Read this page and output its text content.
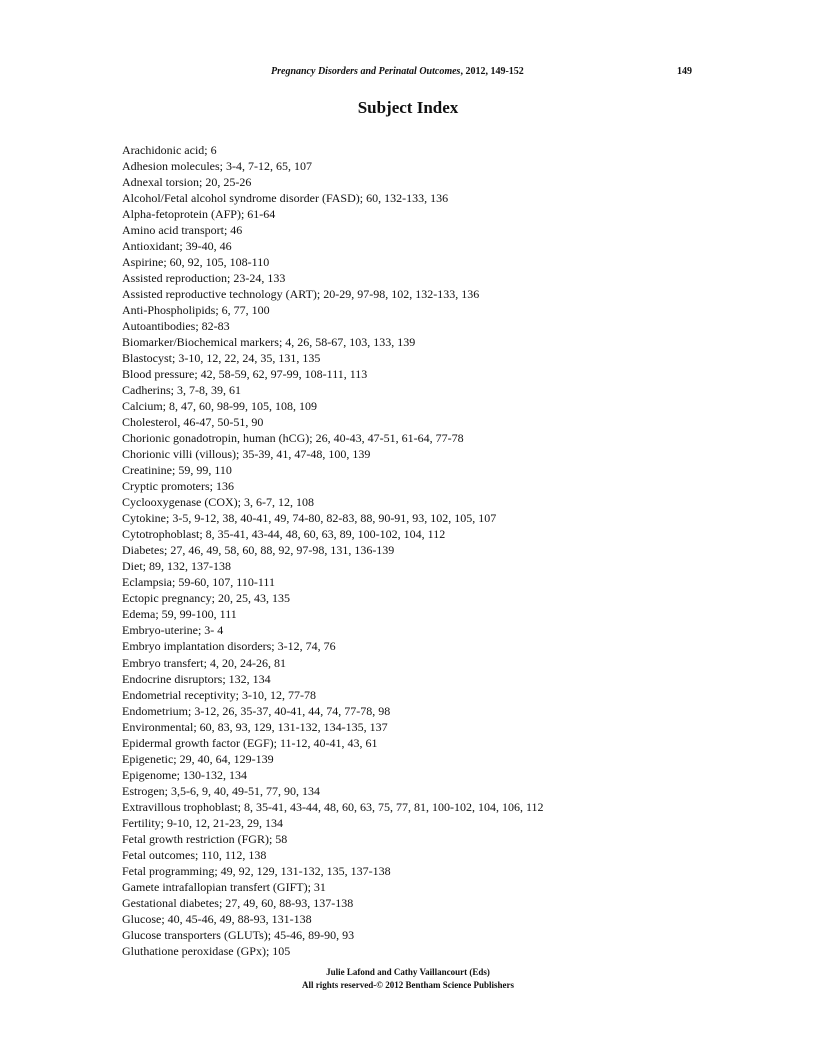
Pregnancy Disorders and Perinatal Outcomes, 2012, 149-152	149
Subject Index
Arachidonic acid; 6
Adhesion molecules; 3-4, 7-12, 65, 107
Adnexal torsion; 20, 25-26
Alcohol/Fetal alcohol syndrome disorder (FASD); 60, 132-133, 136
Alpha-fetoprotein (AFP); 61-64
Amino acid transport; 46
Antioxidant; 39-40, 46
Aspirine; 60, 92, 105, 108-110
Assisted reproduction; 23-24, 133
Assisted reproductive technology (ART); 20-29, 97-98, 102, 132-133, 136
Anti-Phospholipids; 6, 77, 100
Autoantibodies; 82-83
Biomarker/Biochemical markers; 4, 26, 58-67, 103, 133, 139
Blastocyst; 3-10, 12, 22, 24, 35, 131, 135
Blood pressure; 42, 58-59, 62, 97-99, 108-111, 113
Cadherins; 3, 7-8, 39, 61
Calcium; 8, 47, 60, 98-99, 105, 108, 109
Cholesterol, 46-47, 50-51, 90
Chorionic gonadotropin, human (hCG); 26, 40-43, 47-51, 61-64, 77-78
Chorionic villi (villous); 35-39, 41, 47-48, 100, 139
Creatinine; 59, 99, 110
Cryptic promoters; 136
Cyclooxygenase (COX); 3, 6-7, 12, 108
Cytokine; 3-5, 9-12, 38, 40-41, 49, 74-80, 82-83, 88, 90-91, 93, 102, 105, 107
Cytotrophoblast; 8, 35-41, 43-44, 48, 60, 63, 89, 100-102, 104, 112
Diabetes; 27, 46, 49, 58, 60, 88, 92, 97-98, 131, 136-139
Diet; 89, 132, 137-138
Eclampsia; 59-60, 107, 110-111
Ectopic pregnancy; 20, 25, 43, 135
Edema; 59, 99-100, 111
Embryo-uterine; 3- 4
Embryo implantation disorders; 3-12, 74, 76
Embryo transfert; 4, 20, 24-26, 81
Endocrine disruptors; 132, 134
Endometrial receptivity; 3-10, 12, 77-78
Endometrium; 3-12, 26, 35-37, 40-41, 44, 74, 77-78, 98
Environmental; 60, 83, 93, 129, 131-132, 134-135, 137
Epidermal growth factor (EGF); 11-12, 40-41, 43, 61
Epigenetic; 29, 40, 64, 129-139
Epigenome; 130-132, 134
Estrogen; 3,5-6, 9, 40, 49-51, 77, 90, 134
Extravillous trophoblast; 8, 35-41, 43-44, 48, 60, 63, 75, 77, 81, 100-102, 104, 106, 112
Fertility; 9-10, 12, 21-23, 29, 134
Fetal growth restriction (FGR); 58
Fetal outcomes; 110, 112, 138
Fetal programming; 49, 92, 129, 131-132, 135, 137-138
Gamete intrafallopian transfert (GIFT); 31
Gestational diabetes; 27, 49, 60, 88-93, 137-138
Glucose; 40, 45-46, 49, 88-93, 131-138
Glucose transporters (GLUTs); 45-46, 89-90, 93
Gluthatione peroxidase (GPx); 105
Julie Lafond and Cathy Vaillancourt (Eds)
All rights reserved-© 2012 Bentham Science Publishers
